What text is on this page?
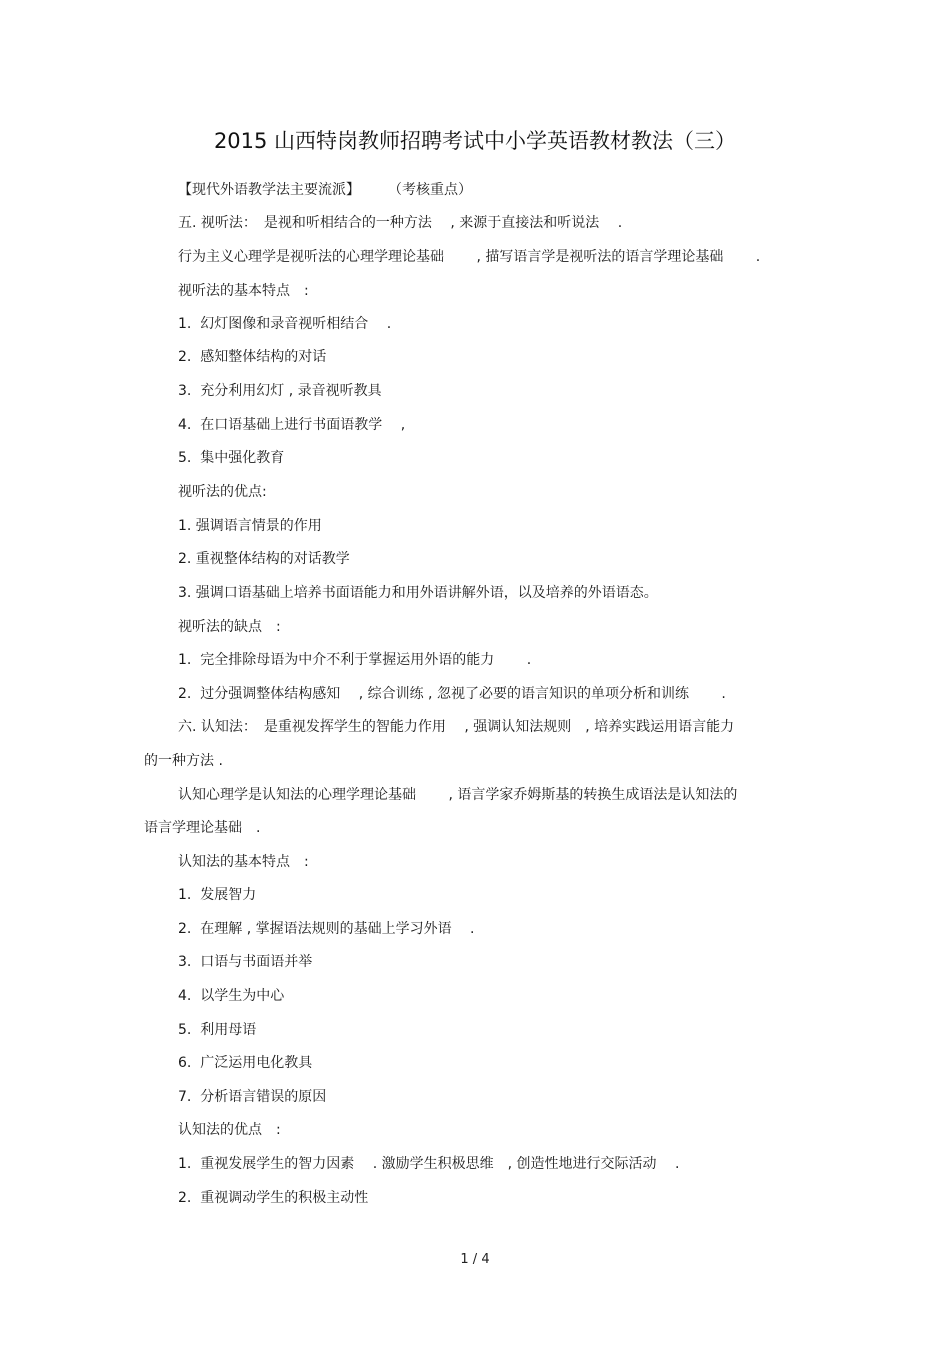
2015 山西特岗教师招聘考试中小学英语教材教法（三）
【现代外语教学法主要流派】　　　（考核重点）
五. 视听法：　是视和听相结合的一种方法　 , 来源于直接法和听说法　 .
行为主义心理学是视听法的心理学理论基础　　 , 描写语言学是视听法的语言学理论基础　　 .
视听法的基本特点　:
1.  幻灯图像和录音视听相结合　 .
2.  感知整体结构的对话
3.  充分利用幻灯 , 录音视听教具
4.  在口语基础上进行书面语教学　 ,
5.  集中强化教育
视听法的优点:
1. 强调语言情景的作用
2. 重视整体结构的对话教学
3. 强调口语基础上培养书面语能力和用外语讲解外语，以及培养的外语语态。
视听法的缺点　:
1.  完全排除母语为中介不利于掌握运用外语的能力　　 .
2.  过分强调整体结构感知　 , 综合训练 , 忽视了必要的语言知识的单项分析和训练　　 .
六. 认知法：　是重视发挥学生的智能力作用　 , 强调认知法规则　, 培养实践运用语言能力
的一种方法 .
认知心理学是认知法的心理学理论基础　　 , 语言学家乔姆斯基的转换生成语法是认知法的
语言学理论基础　.
认知法的基本特点　:
1.  发展智力
2.  在理解 , 掌握语法规则的基础上学习外语　 .
3.  口语与书面语并举
4.  以学生为中心
5.  利用母语
6.  广泛运用电化教具
7.  分析语言错误的原因
认知法的优点　:
1.  重视发展学生的智力因素　 . 激励学生积极思维　, 创造性地进行交际活动　 .
2.  重视调动学生的积极主动性
1 / 4
